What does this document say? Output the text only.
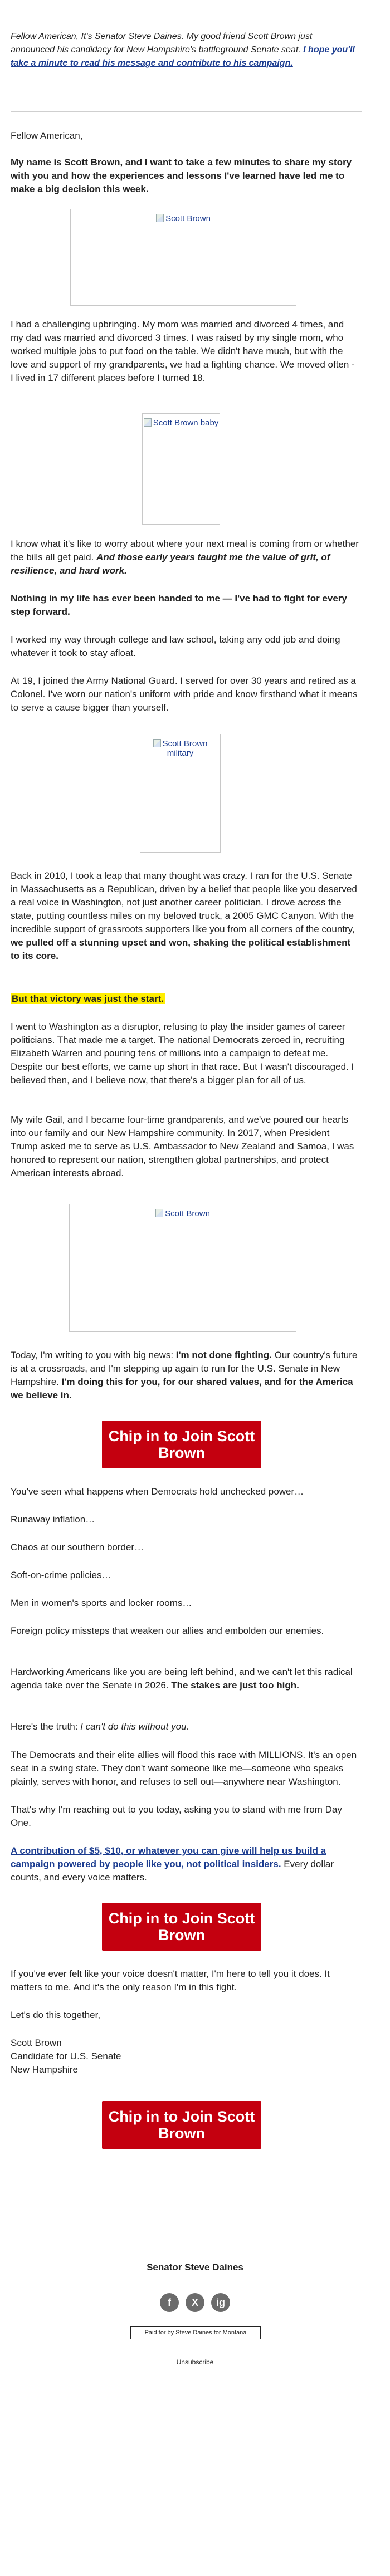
Fellow American, It's Senator Steve Daines. My good friend Scott Brown just announced his candidacy for New Hampshire's battleground Senate seat. I hope you'll take a minute to read his message and contribute to his campaign.

Fellow American,

My name is Scott Brown, and I want to take a few minutes to share my story with you and how the experiences and lessons I've learned have led me to make a big decision this week.

Scott Brown

I had a challenging upbringing. My mom was married and divorced 4 times, and my dad was married and divorced 3 times. I was raised by my single mom, who worked multiple jobs to put food on the table. We didn't have much, but with the love and support of my grandparents, we had a fighting chance. We moved often - I lived in 17 different places before I turned 18.

Scott Brown baby

I know what it's like to worry about where your next meal is coming from or whether the bills all get paid. And those early years taught me the value of grit, of resilience, and hard work.

Nothing in my life has ever been handed to me — I've had to fight for every step forward.

I worked my way through college and law school, taking any odd job and doing whatever it took to stay afloat.

At 19, I joined the Army National Guard. I served for over 30 years and retired as a Colonel. I've worn our nation's uniform with pride and know firsthand what it means to serve a cause bigger than yourself.

Scott Brown military

Back in 2010, I took a leap that many thought was crazy. I ran for the U.S. Senate in Massachusetts as a Republican, driven by a belief that people like you deserved a real voice in Washington, not just another career politician. I drove across the state, putting countless miles on my beloved truck, a 2005 GMC Canyon. With the incredible support of grassroots supporters like you from all corners of the country, we pulled off a stunning upset and won, shaking the political establishment to its core.

But that victory was just the start.

I went to Washington as a disruptor, refusing to play the insider games of career politicians. That made me a target. The national Democrats zeroed in, recruiting Elizabeth Warren and pouring tens of millions into a campaign to defeat me. Despite our best efforts, we came up short in that race. But I wasn't discouraged. I believed then, and I believe now, that there's a bigger plan for all of us.

My wife Gail, and I became four-time grandparents, and we've poured our hearts into our family and our New Hampshire community. In 2017, when President Trump asked me to serve as U.S. Ambassador to New Zealand and Samoa, I was honored to represent our nation, strengthen global partnerships, and protect American interests abroad.

Scott Brown

Today, I'm writing to you with big news: I'm not done fighting. Our country's future is at a crossroads, and I'm stepping up again to run for the U.S. Senate in New Hampshire. I'm doing this for you, for our shared values, and for the America we believe in.

Chip in to Join Scott Brown

You've seen what happens when Democrats hold unchecked power…

Runaway inflation…

Chaos at our southern border…

Soft-on-crime policies…

Men in women's sports and locker rooms…

Foreign policy missteps that weaken our allies and embolden our enemies.

Hardworking Americans like you are being left behind, and we can't let this radical agenda take over the Senate in 2026. The stakes are just too high.

Here's the truth: I can't do this without you.

The Democrats and their elite allies will flood this race with MILLIONS. It's an open seat in a swing state. They don't want someone like me—someone who speaks plainly, serves with honor, and refuses to sell out—anywhere near Washington.

That's why I'm reaching out to you today, asking you to stand with me from Day One.

A contribution of $5, $10, or whatever you can give will help us build a campaign powered by people like you, not political insiders. Every dollar counts, and every voice matters.

Chip in to Join Scott Brown

If you've ever felt like your voice doesn't matter, I'm here to tell you it does. It matters to me. And it's the only reason I'm in this fight.

Let's do this together,

Scott Brown
Candidate for U.S. Senate
New Hampshire
Chip in to Join Scott Brown
Senator Steve Daines
f	X	ig
Paid for by Steve Daines for Montana
Unsubscribe
